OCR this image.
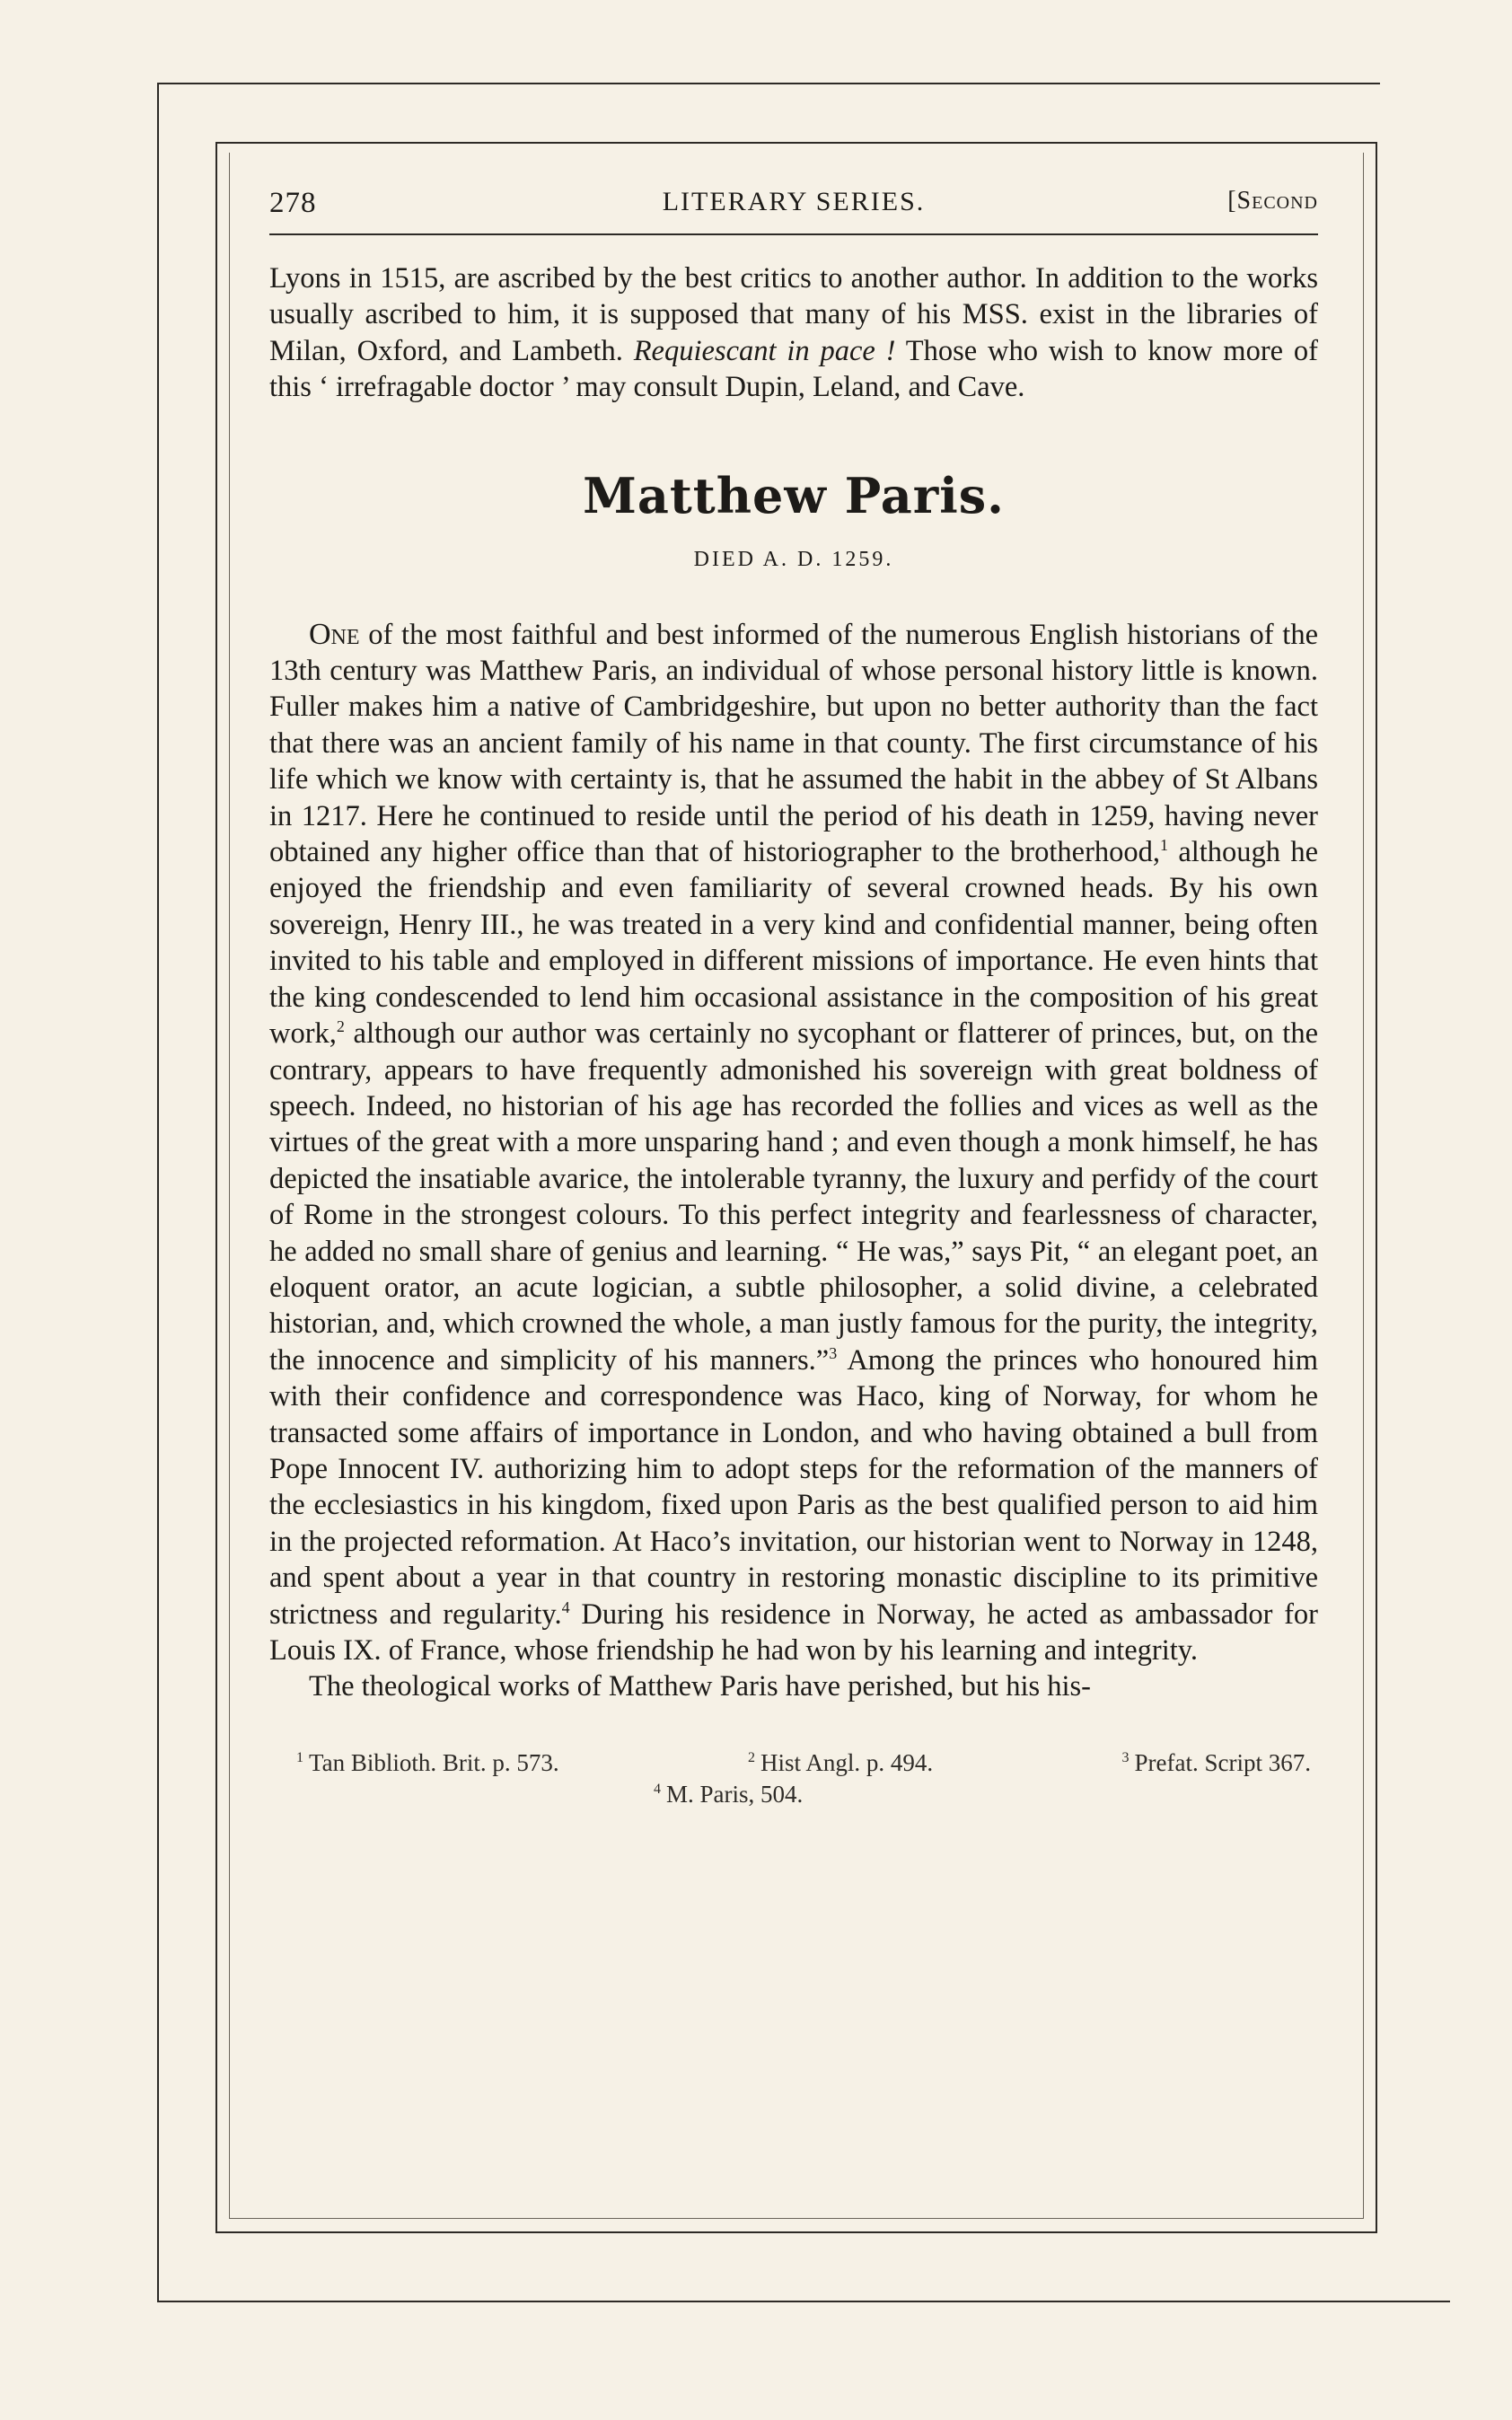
278	LITERARY SERIES.	[Second

Lyons in 1515, are ascribed by the best critics to another author. In addition to the works usually ascribed to him, it is supposed that many of his MSS. exist in the libraries of Milan, Oxford, and Lambeth. Requiescant in pace ! Those who wish to know more of this ‘ irrefragable doctor ’ may consult Dupin, Leland, and Cave.

Matthew Paris.
DIED A. D. 1259.

One of the most faithful and best informed of the numerous English historians of the 13th century was Matthew Paris, an individual of whose personal history little is known. Fuller makes him a native of Cambridgeshire, but upon no better authority than the fact that there was an ancient family of his name in that county. The first circumstance of his life which we know with certainty is, that he assumed the habit in the abbey of St Albans in 1217. Here he continued to reside until the period of his death in 1259, having never obtained any higher office than that of historiographer to the brotherhood,$^1$ although he enjoyed the friendship and even familiarity of several crowned heads. By his own sovereign, Henry III., he was treated in a very kind and confidential manner, being often invited to his table and employed in different missions of importance. He even hints that the king condescended to lend him occasional assistance in the composition of his great work,$^2$ although our author was certainly no sycophant or flatterer of princes, but, on the contrary, appears to have frequently admonished his sovereign with great boldness of speech. Indeed, no historian of his age has recorded the follies and vices as well as the virtues of the great with a more unsparing hand ; and even though a monk himself, he has depicted the insatiable avarice, the intolerable tyranny, the luxury and perfidy of the court of Rome in the strongest colours. To this perfect integrity and fearlessness of character, he added no small share of genius and learning. “ He was,” says Pit, “ an elegant poet, an eloquent orator, an acute logician, a subtle philosopher, a solid divine, a celebrated historian, and, which crowned the whole, a man justly famous for the purity, the integrity, the innocence and simplicity of his manners.”$^3$ Among the princes who honoured him with their confidence and correspondence was Haco, king of Norway, for whom he transacted some affairs of importance in London, and who having obtained a bull from Pope Innocent IV. authorizing him to adopt steps for the reformation of the manners of the ecclesiastics in his kingdom, fixed upon Paris as the best qualified person to aid him in the projected reformation. At Haco’s invitation, our historian went to Norway in 1248, and spent about a year in that country in restoring monastic discipline to its primitive strictness and regularity.$^4$ During his residence in Norway, he acted as ambassador for Louis IX. of France, whose friendship he had won by his learning and integrity.

The theological works of Matthew Paris have perished, but his his-

$^1$ Tan Biblioth. Brit. p. 573.	$^2$ Hist Angl. p. 494.	$^3$ Prefat. Script 367.
$^4$ M. Paris, 504.
